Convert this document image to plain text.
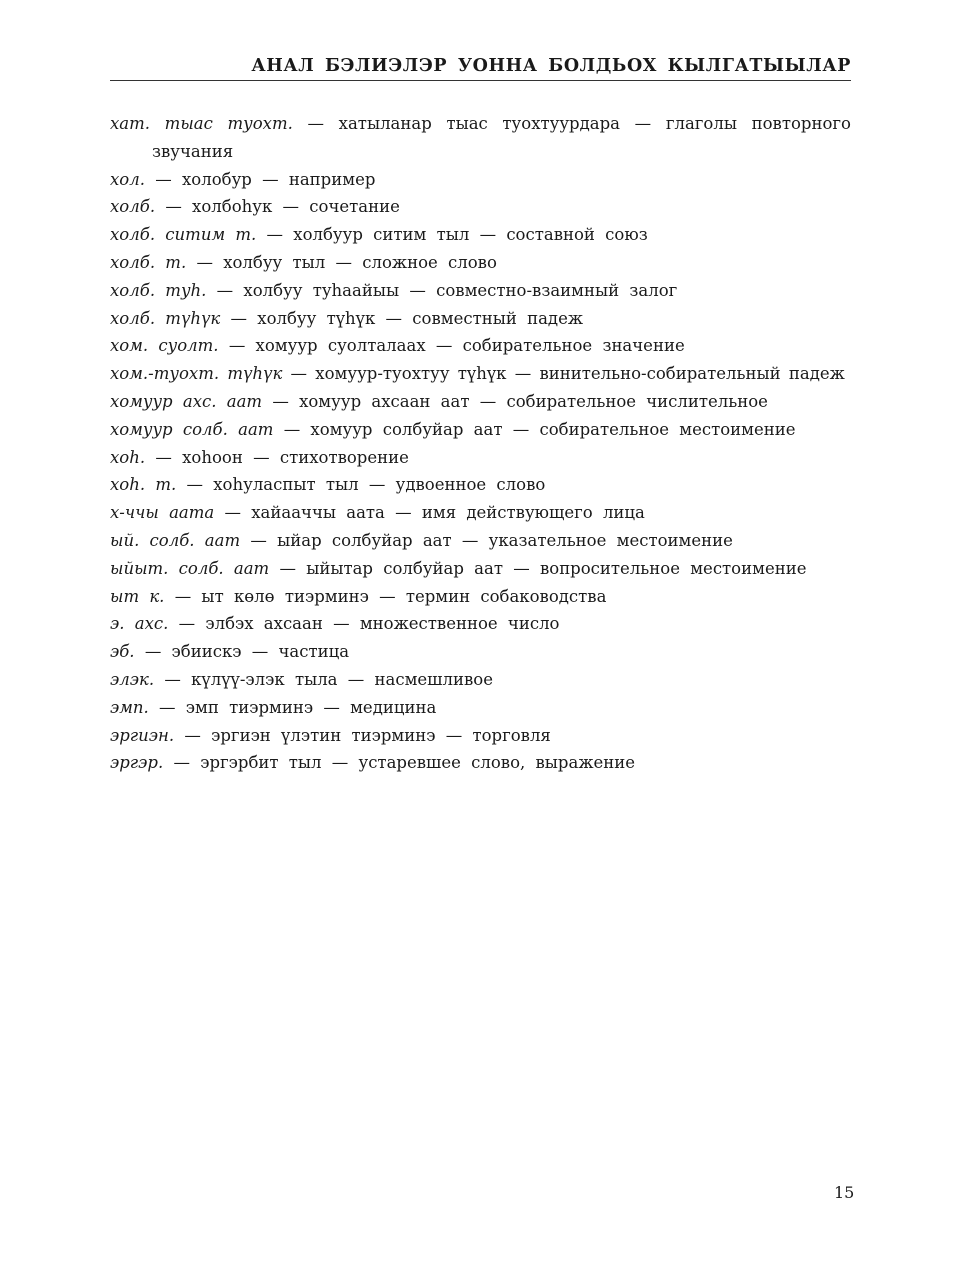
АНАЛ БЭЛИЭЛЭР УОННА БОЛДЬОХ КЫЛГАТЫЫЛАР
хат. тыас туохт. — хатыланар тыас туохтуурдара — глаголы повторного звучания
хол. — холобур — например
холб. — холбоһук — сочетание
холб. ситим т. — холбуур ситим тыл — составной союз
холб. т. — холбуу тыл — сложное слово
холб. туһ. — холбуу туһаайыы — совместно-взаимный залог
холб. түһүк — холбуу түһүк — совместный падеж
хом. суолт. — хомуур суолталаах — собирательное значение
хом.-туохт. түһүк — хомуур-туохтуу түһүк — винительно-собирательный падеж
хомуур ахс. аат — хомуур ахсаан аат — собирательное числительное
хомуур солб. аат — хомуур солбуйар аат — собирательное местоимение
хоһ. — хоһоон — стихотворение
хоһ. т. — хоһуласпыт тыл — удвоенное слово
х-ччы аата — хайааччы аата — имя действующего лица
ый. солб. аат — ыйар солбуйар аат — указательное местоимение
ыйыт. солб. аат — ыйытар солбуйар аат — вопросительное местоимение
ыт к. — ыт көлө тиэрминэ — термин собаководства
э. ахс. — элбэх ахсаан — множественное число
эб. — эбиискэ — частица
элэк. — күлүү-элэк тыла — насмешливое
эмп. — эмп тиэрминэ — медицина
эргиэн. — эргиэн үлэтин тиэрминэ — торговля
эргэр. — эргэрбит тыл — устаревшее слово, выражение
15
